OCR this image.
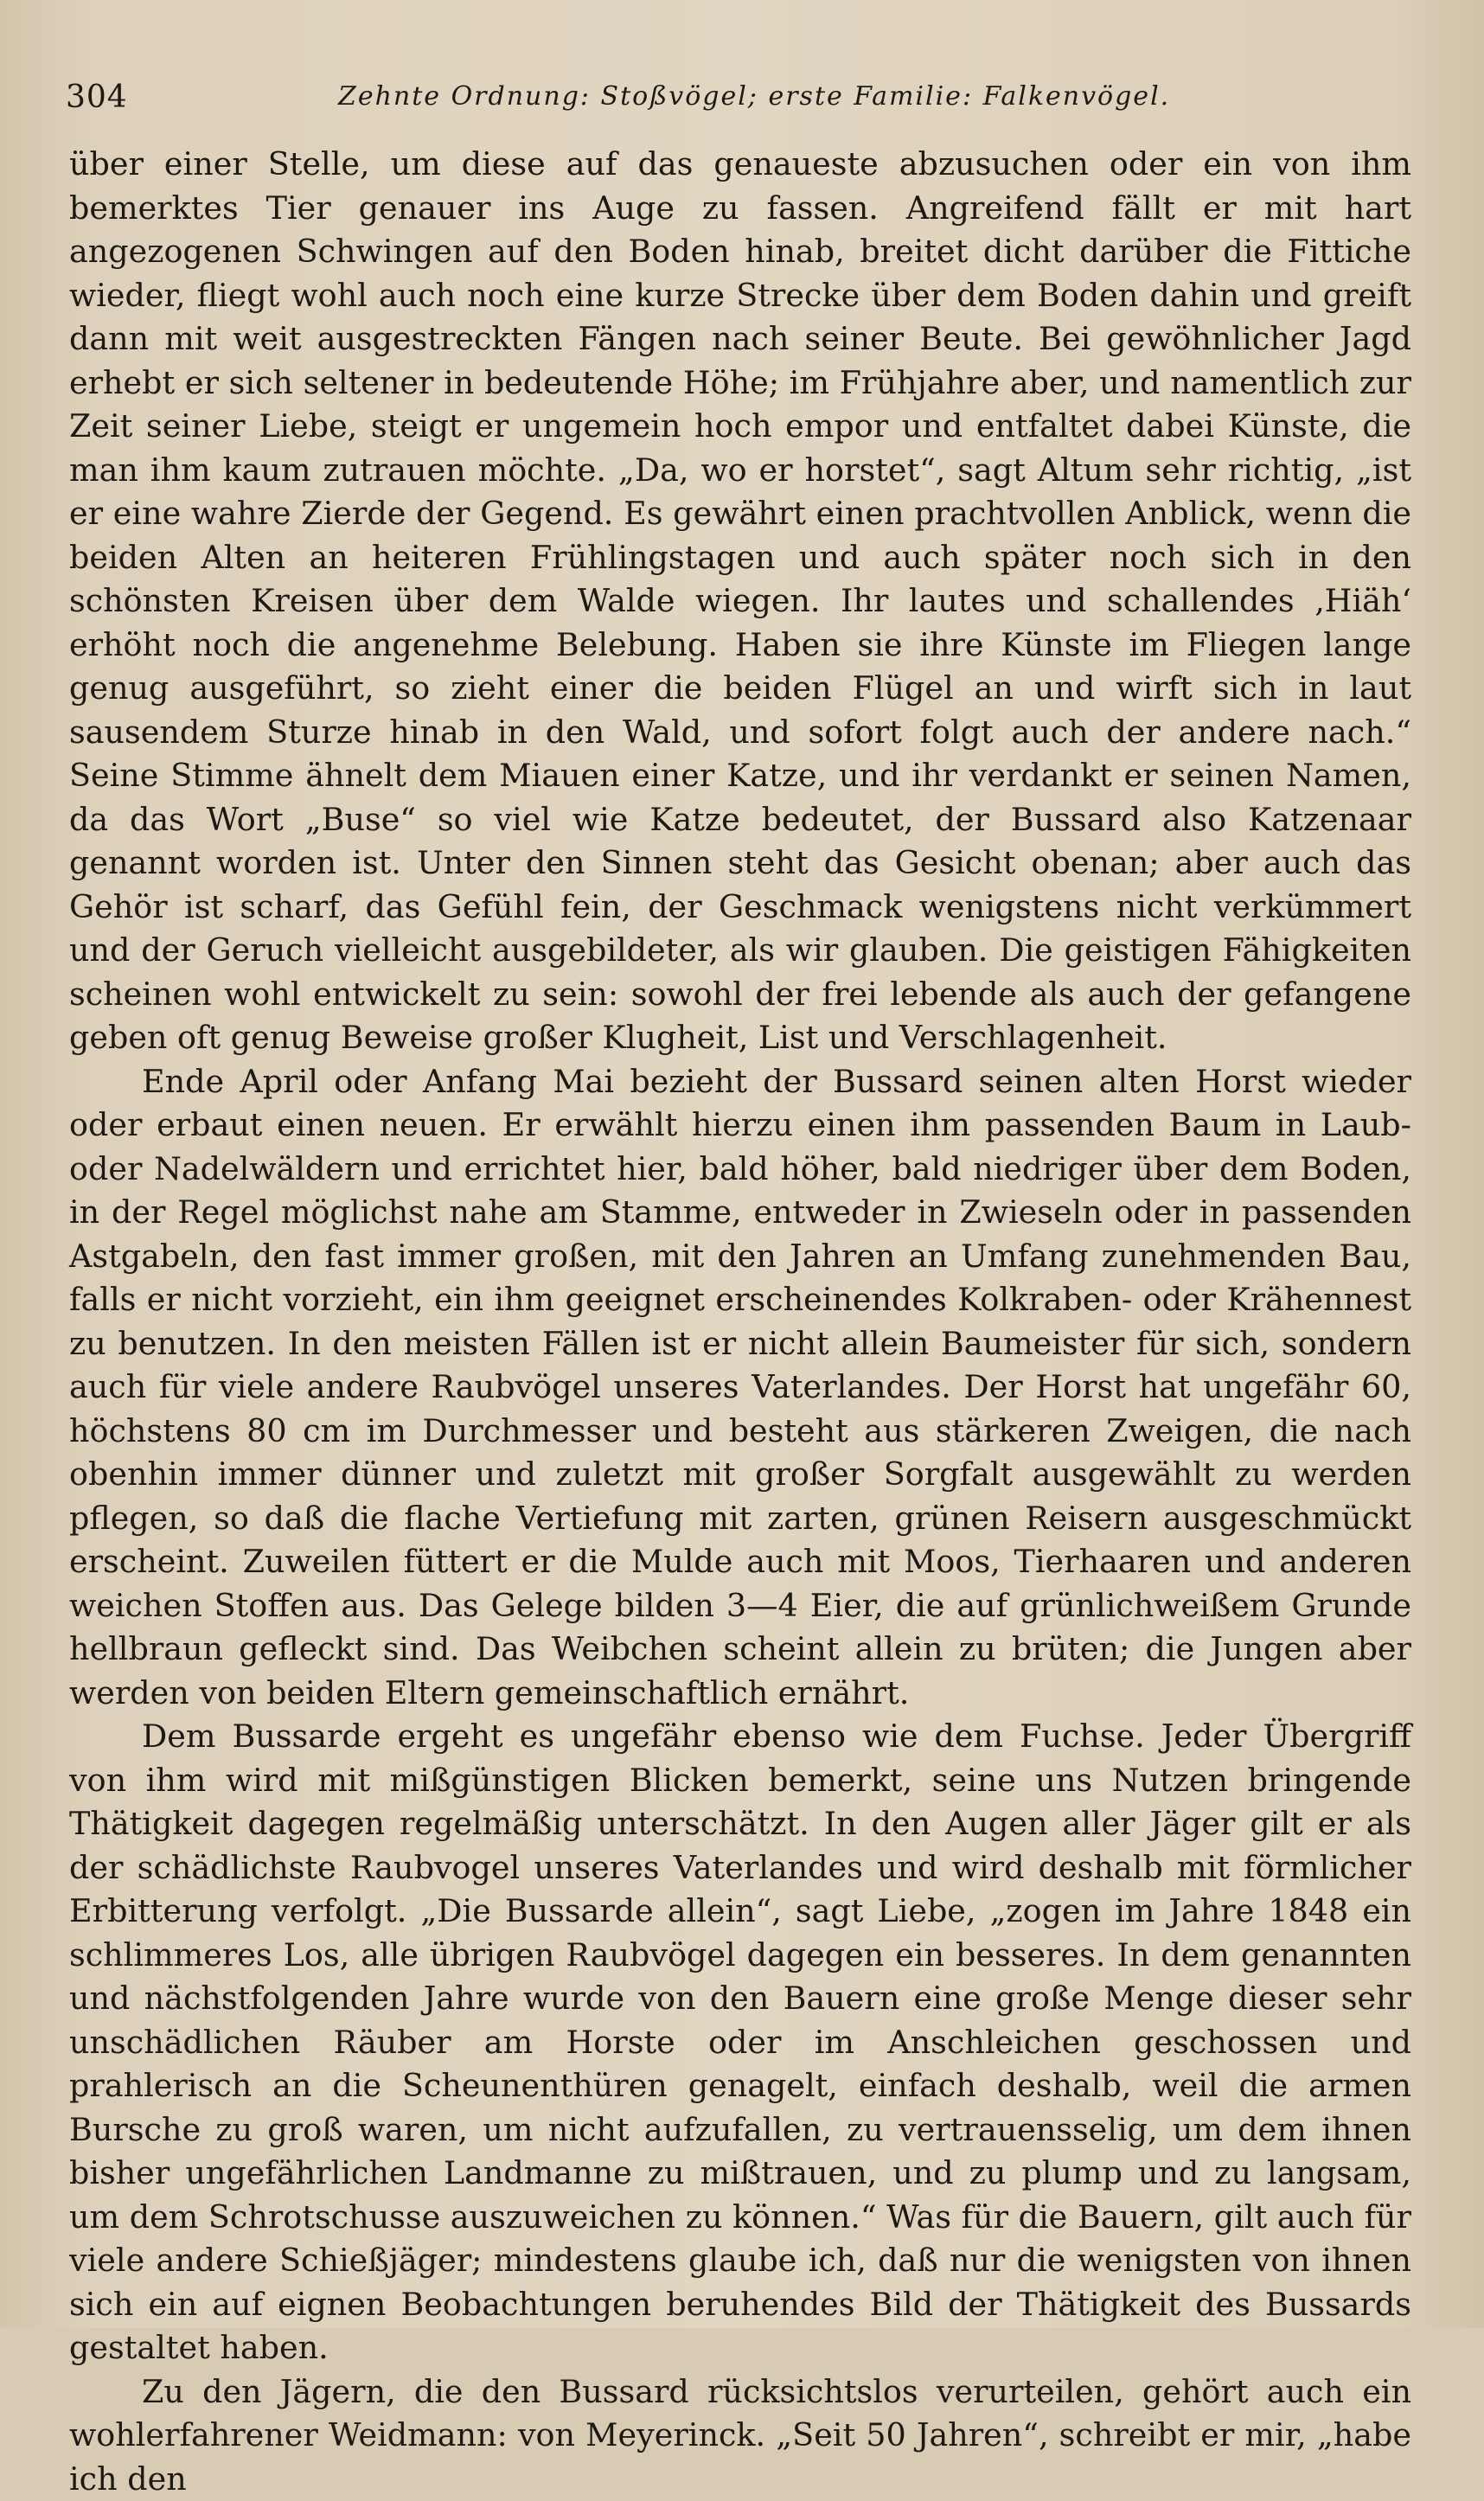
304	Zehnte Ordnung: Stoßvögel; erste Familie: Falkenvögel.

über einer Stelle, um diese auf das genaueste abzusuchen oder ein von ihm bemerktes Tier genauer ins Auge zu fassen. Angreifend fällt er mit hart angezogenen Schwingen auf den Boden hinab, breitet dicht darüber die Fittiche wieder, fliegt wohl auch noch eine kurze Strecke über dem Boden dahin und greift dann mit weit ausgestreckten Fängen nach seiner Beute. Bei gewöhnlicher Jagd erhebt er sich seltener in bedeutende Höhe; im Frühjahre aber, und namentlich zur Zeit seiner Liebe, steigt er ungemein hoch empor und entfaltet dabei Künste, die man ihm kaum zutrauen möchte. „Da, wo er horstet“, sagt Altum sehr richtig, „ist er eine wahre Zierde der Gegend. Es gewährt einen prachtvollen Anblick, wenn die beiden Alten an heiteren Frühlingstagen und auch später noch sich in den schönsten Kreisen über dem Walde wiegen. Ihr lautes und schallendes ‚Hiäh‘ erhöht noch die angenehme Belebung. Haben sie ihre Künste im Fliegen lange genug ausgeführt, so zieht einer die beiden Flügel an und wirft sich in laut sausendem Sturze hinab in den Wald, und sofort folgt auch der andere nach.“ Seine Stimme ähnelt dem Miauen einer Katze, und ihr verdankt er seinen Namen, da das Wort „Buse“ so viel wie Katze bedeutet, der Bussard also Katzenaar genannt worden ist. Unter den Sinnen steht das Gesicht obenan; aber auch das Gehör ist scharf, das Gefühl fein, der Geschmack wenigstens nicht verkümmert und der Geruch vielleicht ausgebildeter, als wir glauben. Die geistigen Fähigkeiten scheinen wohl entwickelt zu sein: sowohl der frei lebende als auch der gefangene geben oft genug Beweise großer Klugheit, List und Verschlagenheit.

Ende April oder Anfang Mai bezieht der Bussard seinen alten Horst wieder oder erbaut einen neuen. Er erwählt hierzu einen ihm passenden Baum in Laub- oder Nadelwäldern und errichtet hier, bald höher, bald niedriger über dem Boden, in der Regel möglichst nahe am Stamme, entweder in Zwieseln oder in passenden Astgabeln, den fast immer großen, mit den Jahren an Umfang zunehmenden Bau, falls er nicht vorzieht, ein ihm geeignet erscheinendes Kolkraben- oder Krähennest zu benutzen. In den meisten Fällen ist er nicht allein Baumeister für sich, sondern auch für viele andere Raubvögel unseres Vaterlandes. Der Horst hat ungefähr 60, höchstens 80 cm im Durchmesser und besteht aus stärkeren Zweigen, die nach obenhin immer dünner und zuletzt mit großer Sorgfalt ausgewählt zu werden pflegen, so daß die flache Vertiefung mit zarten, grünen Reisern ausgeschmückt erscheint. Zuweilen füttert er die Mulde auch mit Moos, Tierhaaren und anderen weichen Stoffen aus. Das Gelege bilden 3—4 Eier, die auf grünlichweißem Grunde hellbraun gefleckt sind. Das Weibchen scheint allein zu brüten; die Jungen aber werden von beiden Eltern gemeinschaftlich ernährt.

Dem Bussarde ergeht es ungefähr ebenso wie dem Fuchse. Jeder Übergriff von ihm wird mit mißgünstigen Blicken bemerkt, seine uns Nutzen bringende Thätigkeit dagegen regelmäßig unterschätzt. In den Augen aller Jäger gilt er als der schädlichste Raubvogel unseres Vaterlandes und wird deshalb mit förmlicher Erbitterung verfolgt. „Die Bussarde allein“, sagt Liebe, „zogen im Jahre 1848 ein schlimmeres Los, alle übrigen Raubvögel dagegen ein besseres. In dem genannten und nächstfolgenden Jahre wurde von den Bauern eine große Menge dieser sehr unschädlichen Räuber am Horste oder im Anschleichen geschossen und prahlerisch an die Scheunenthüren genagelt, einfach deshalb, weil die armen Bursche zu groß waren, um nicht aufzufallen, zu vertrauensselig, um dem ihnen bisher ungefährlichen Landmanne zu mißtrauen, und zu plump und zu langsam, um dem Schrotschusse auszuweichen zu können.“ Was für die Bauern, gilt auch für viele andere Schießjäger; mindestens glaube ich, daß nur die wenigsten von ihnen sich ein auf eignen Beobachtungen beruhendes Bild der Thätigkeit des Bussards gestaltet haben.

Zu den Jägern, die den Bussard rücksichtslos verurteilen, gehört auch ein wohlerfahrener Weidmann: von Meyerinck. „Seit 50 Jahren“, schreibt er mir, „habe ich den
